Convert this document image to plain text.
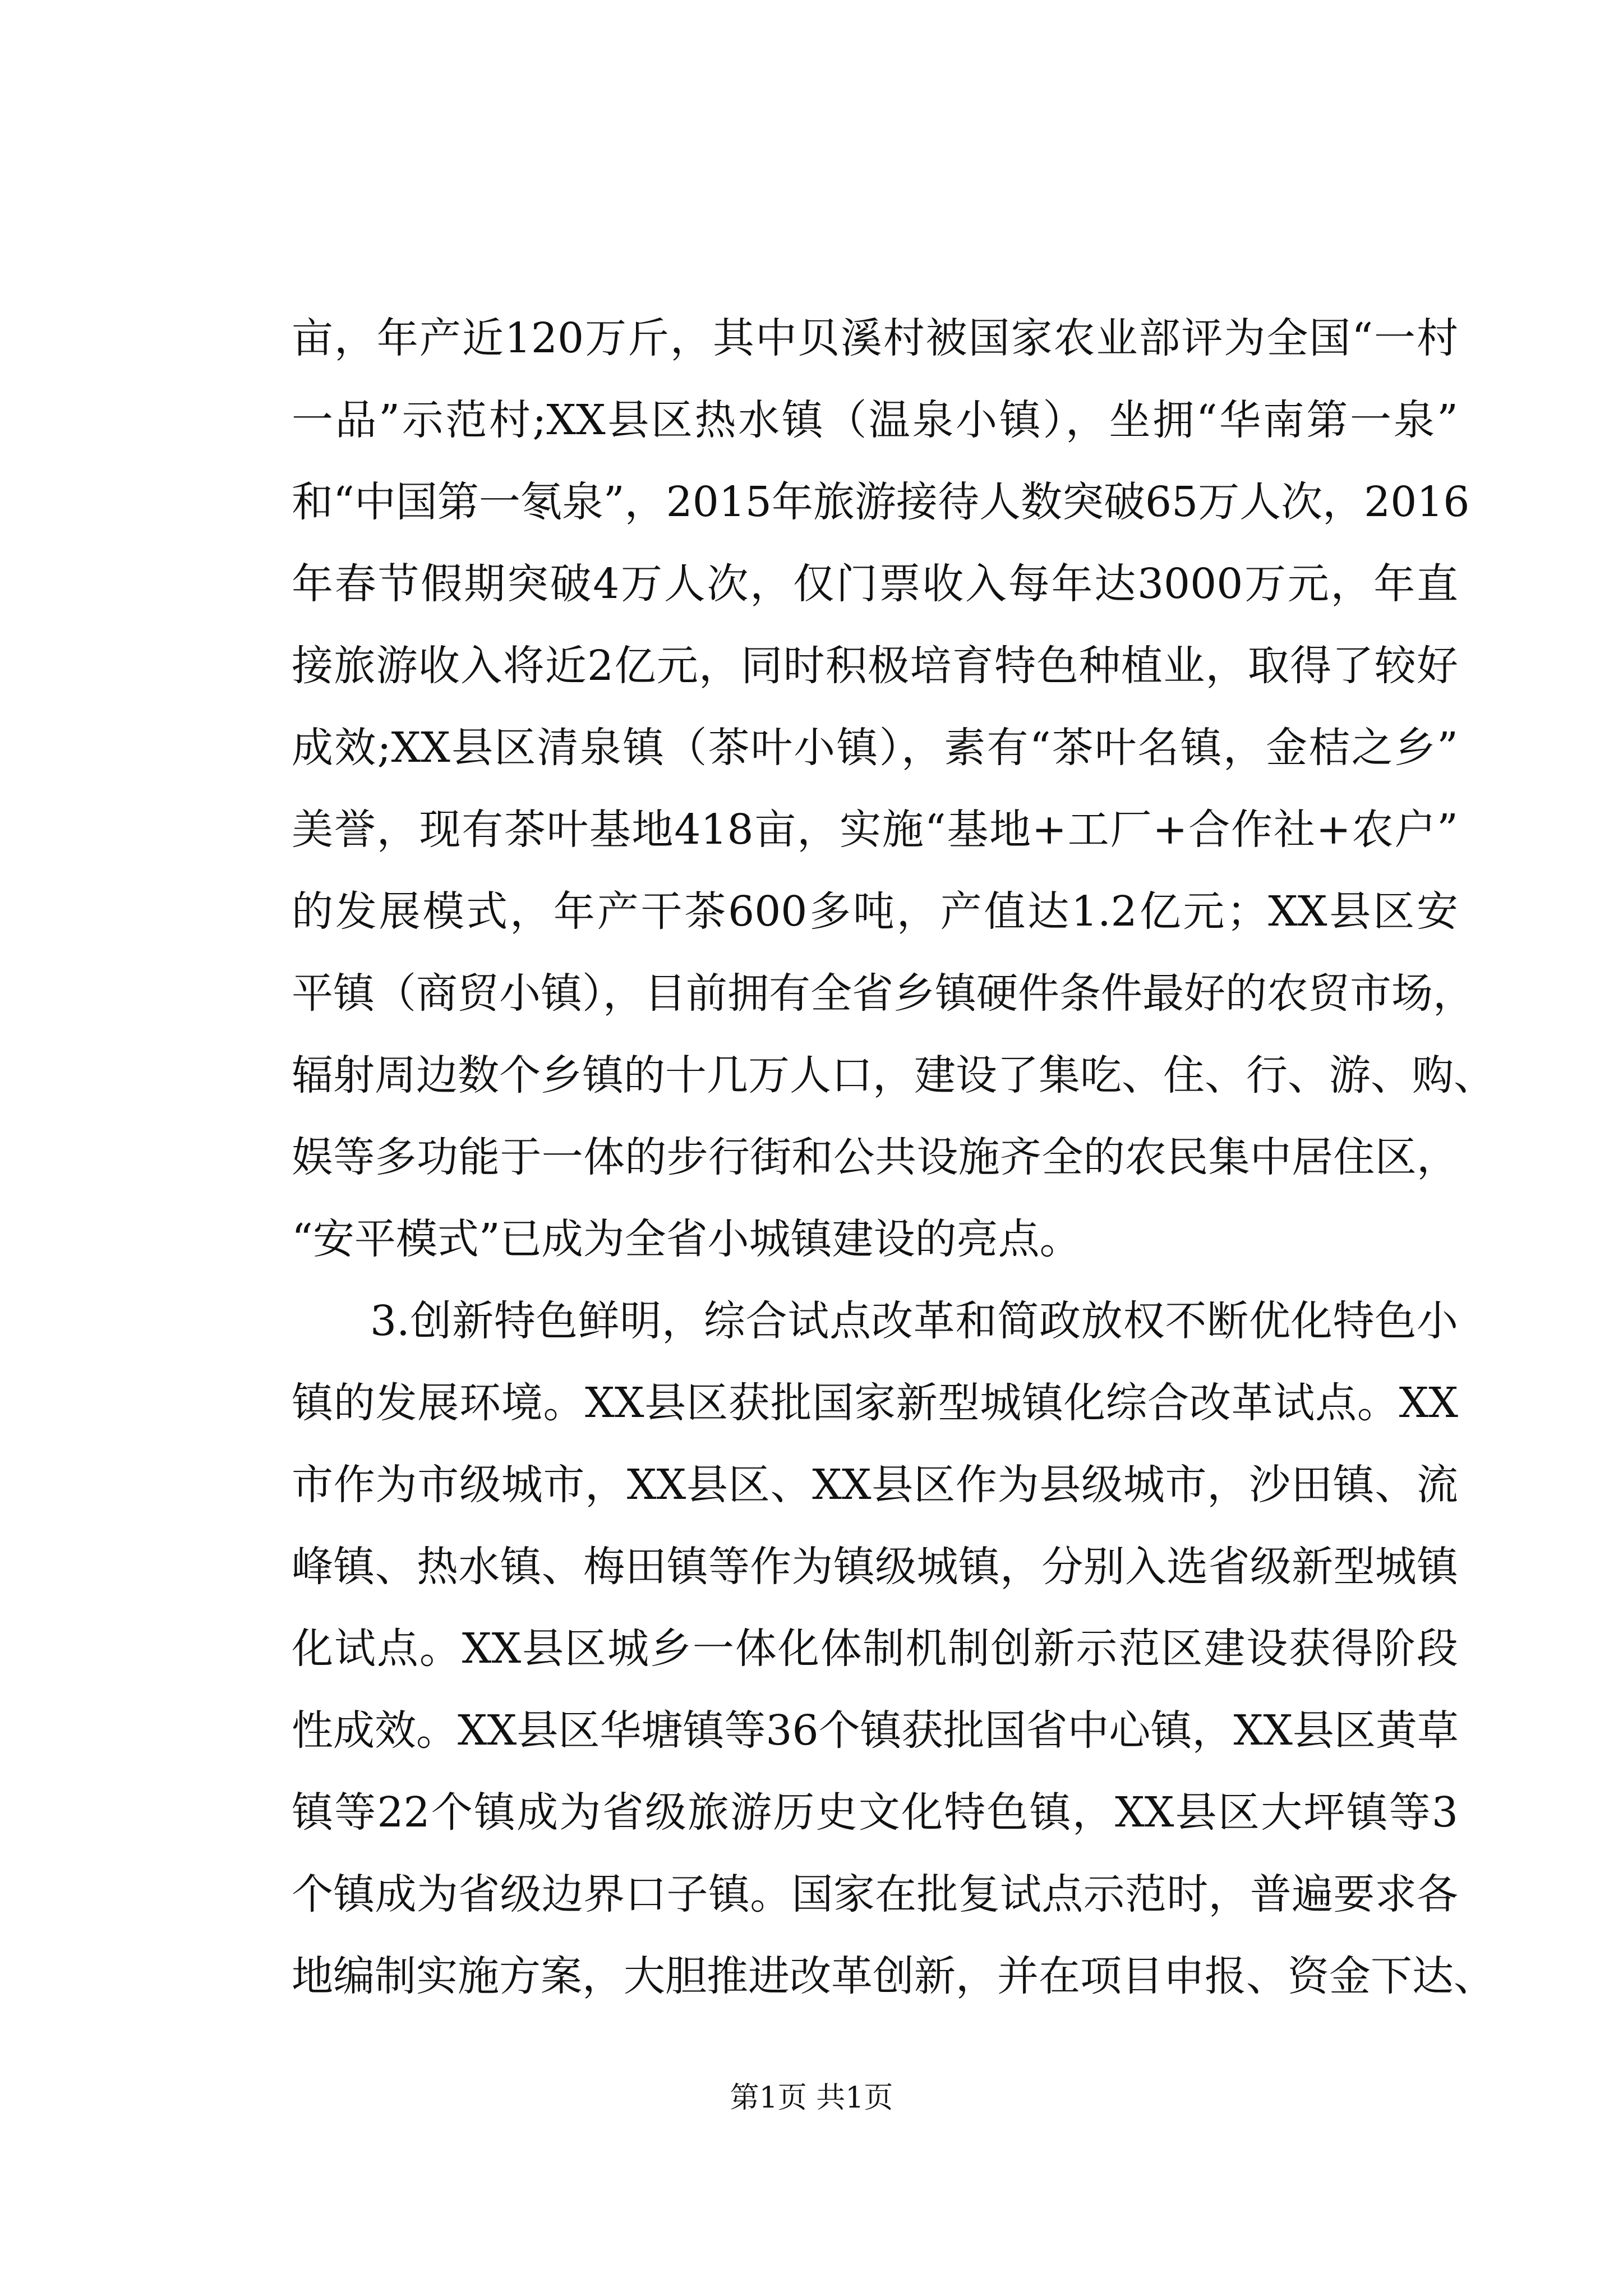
亩，年产近120万斤，其中贝溪村被国家农业部评为全国“一村
一品”示范村;XX县区热水镇（温泉小镇），坐拥“华南第一泉”
和“中国第一氡泉”，2015年旅游接待人数突破65万人次，2016
年春节假期突破4万人次，仅门票收入每年达3000万元，年直
接旅游收入将近2亿元，同时积极培育特色种植业，取得了较好
成效;XX县区清泉镇（茶叶小镇），素有“茶叶名镇，金桔之乡”
美誉，现有茶叶基地418亩，实施“基地+工厂+合作社+农户”
的发展模式，年产干茶600多吨，产值达1.2亿元；XX县区安
平镇（商贸小镇），目前拥有全省乡镇硬件条件最好的农贸市场，
辐射周边数个乡镇的十几万人口，建设了集吃、住、行、游、购、
娱等多功能于一体的步行街和公共设施齐全的农民集中居住区，
“安平模式”已成为全省小城镇建设的亮点。
3.创新特色鲜明，综合试点改革和简政放权不断优化特色小
镇的发展环境。XX县区获批国家新型城镇化综合改革试点。XX
市作为市级城市，XX县区、XX县区作为县级城市，沙田镇、流
峰镇、热水镇、梅田镇等作为镇级城镇，分别入选省级新型城镇
化试点。XX县区城乡一体化体制机制创新示范区建设获得阶段
性成效。XX县区华塘镇等36个镇获批国省中心镇，XX县区黄草
镇等22个镇成为省级旅游历史文化特色镇，XX县区大坪镇等3
个镇成为省级边界口子镇。国家在批复试点示范时，普遍要求各
地编制实施方案，大胆推进改革创新，并在项目申报、资金下达、
第1页 共1页
